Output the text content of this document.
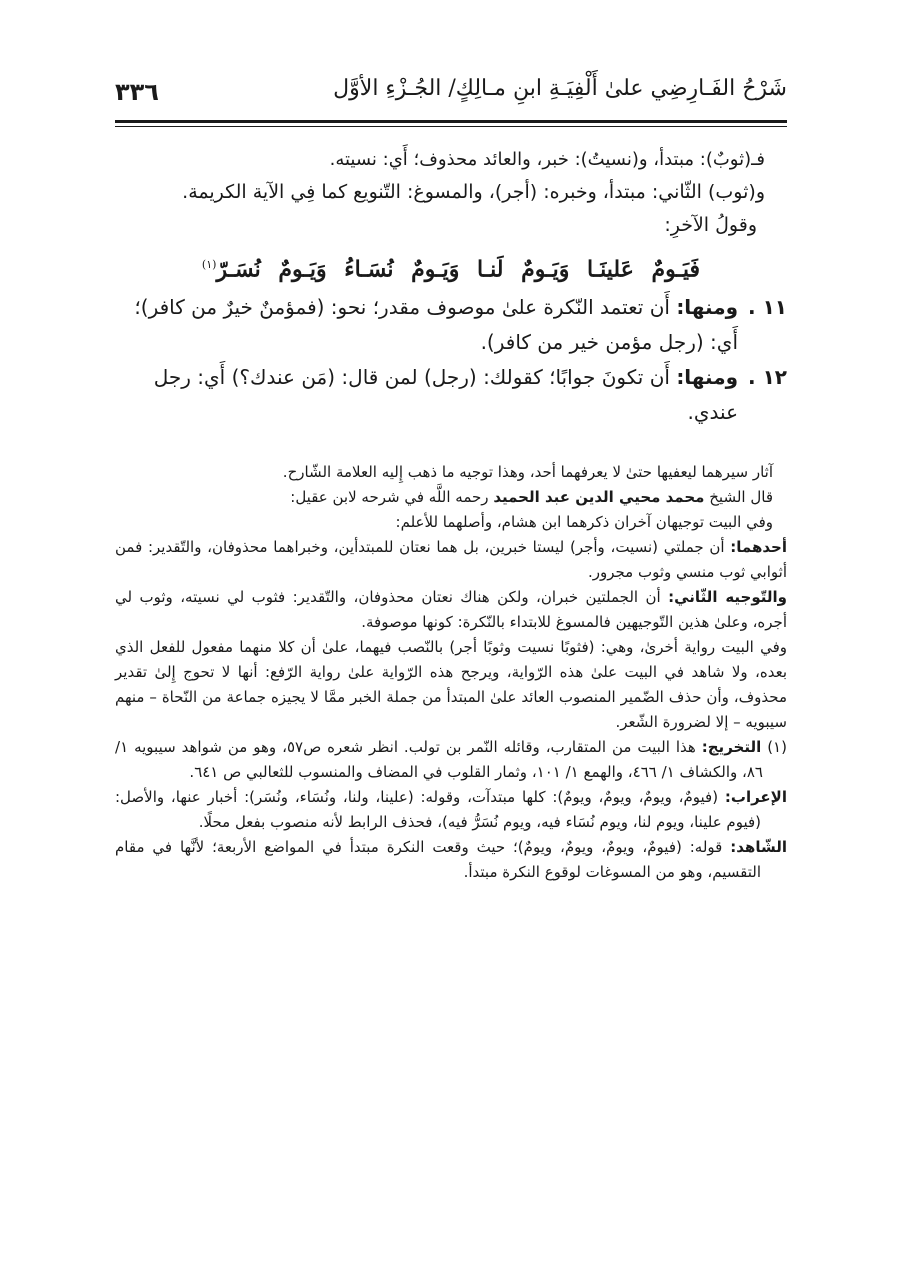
٣٣٦	شَرْحُ الفَـارِضِي علىٰ أَلْفِيَـةِ ابنِ مـالِكٍ/ الجُـزْءِ الأوَّل

فـ(ثوبٌ): مبتدأ، و(نسيتُ): خبر، والعائد محذوف؛ أَي: نسيته.

و(ثوب) الثّاني: مبتدأ، وخبره: (أجر)، والمسوغ: التّنويع كما فِي الآية الكريمة.

وقولُ الآخرِ:

فَيَـومٌ عَلينَـا وَيَـومٌ لَنـا وَيَـومٌ نُسَـاءُ وَيَـومٌ نُسَـرّ$^{(١)}$
١١ .
ومنها: أَن تعتمد النّكرة علىٰ موصوف مقدر؛ نحو: (فمؤمنٌ خيرٌ من كافر)؛
أَي: (رجل مؤمن خير من كافر).
١٢ .
ومنها: أَن تكونَ جوابًا؛ كقولك: (رجل) لمن قال: (مَن عندك؟) أَي: رجل
عندي.

آثار سيرهما ليعفيها حتىٰ لا يعرفهما أحد، وهذا توجيه ما ذهب إِليه العلامة الشّارح.

قال الشيخ محمد محيي الدين عبد الحميد رحمه اللَّه في شرحه لابن عقيل:

وفي البيت توجيهان آخران ذكرهما ابن هشام، وأصلهما للأعلم:

أحدهما: أن جملتي (نسيت، وأجر) ليستا خبرين، بل هما نعتان للمبتدأين، وخبراهما محذوفان، والتّقدير: فمن أثوابي ثوب منسي وثوب مجرور.

والتّوجيه الثّاني: أن الجملتين خبران، ولكن هناك نعتان محذوفان، والتّقدير: فثوب لي نسيته، وثوب لي أجره، وعلىٰ هذين التّوجيهين فالمسوغ للابتداء بالنّكرة: كونها موصوفة.

وفي البيت رواية أخرىٰ، وهي: (فثوبًا نسيت وثوبًا أجر) بالنّصب فيهما، علىٰ أن كلا منهما مفعول للفعل الذي بعده، ولا شاهد في البيت علىٰ هذه الرّواية، ويرجح هذه الرّواية علىٰ رواية الرّفع: أنها لا تحوج إِلىٰ تقدير محذوف، وأن حذف الضّمير المنصوب العائد علىٰ المبتدأ من جملة الخبر ممَّا لا يجيزه جماعة من النّحاة – منهم سيبويه – إلا لضرورة الشّعر.

(١) التخريج: هذا البيت من المتقارب، وقائله النّمر بن تولب. انظر شعره ص٥٧، وهو من شواهد سيبويه ١/ ٨٦، والكشاف ١/ ٤٦٦، والهمع ١/ ١٠١، وثمار القلوب في المضاف والمنسوب للثعالبي ص ٦٤١.

الإعراب: (فيومٌ، ويومٌ، ويومٌ، ويومٌ): كلها مبتدآت، وقوله: (علينا، ولنا، ونُسَاء، ونُسَر): أخبار عنها، والأصل: (فيوم علينا، ويوم لنا، ويوم نُسَاء فيه، ويوم نُسَرُّ فيه)، فحذف الرابط لأنه منصوب بفعل محلًا.

الشّاهد: قوله: (فيومٌ، ويومٌ، ويومٌ، ويومٌ)؛ حيث وقعت النكرة مبتدأ في المواضع الأربعة؛ لأنَّها في مقام التقسيم، وهو من المسوغات لوقوع النكرة مبتدأ.
